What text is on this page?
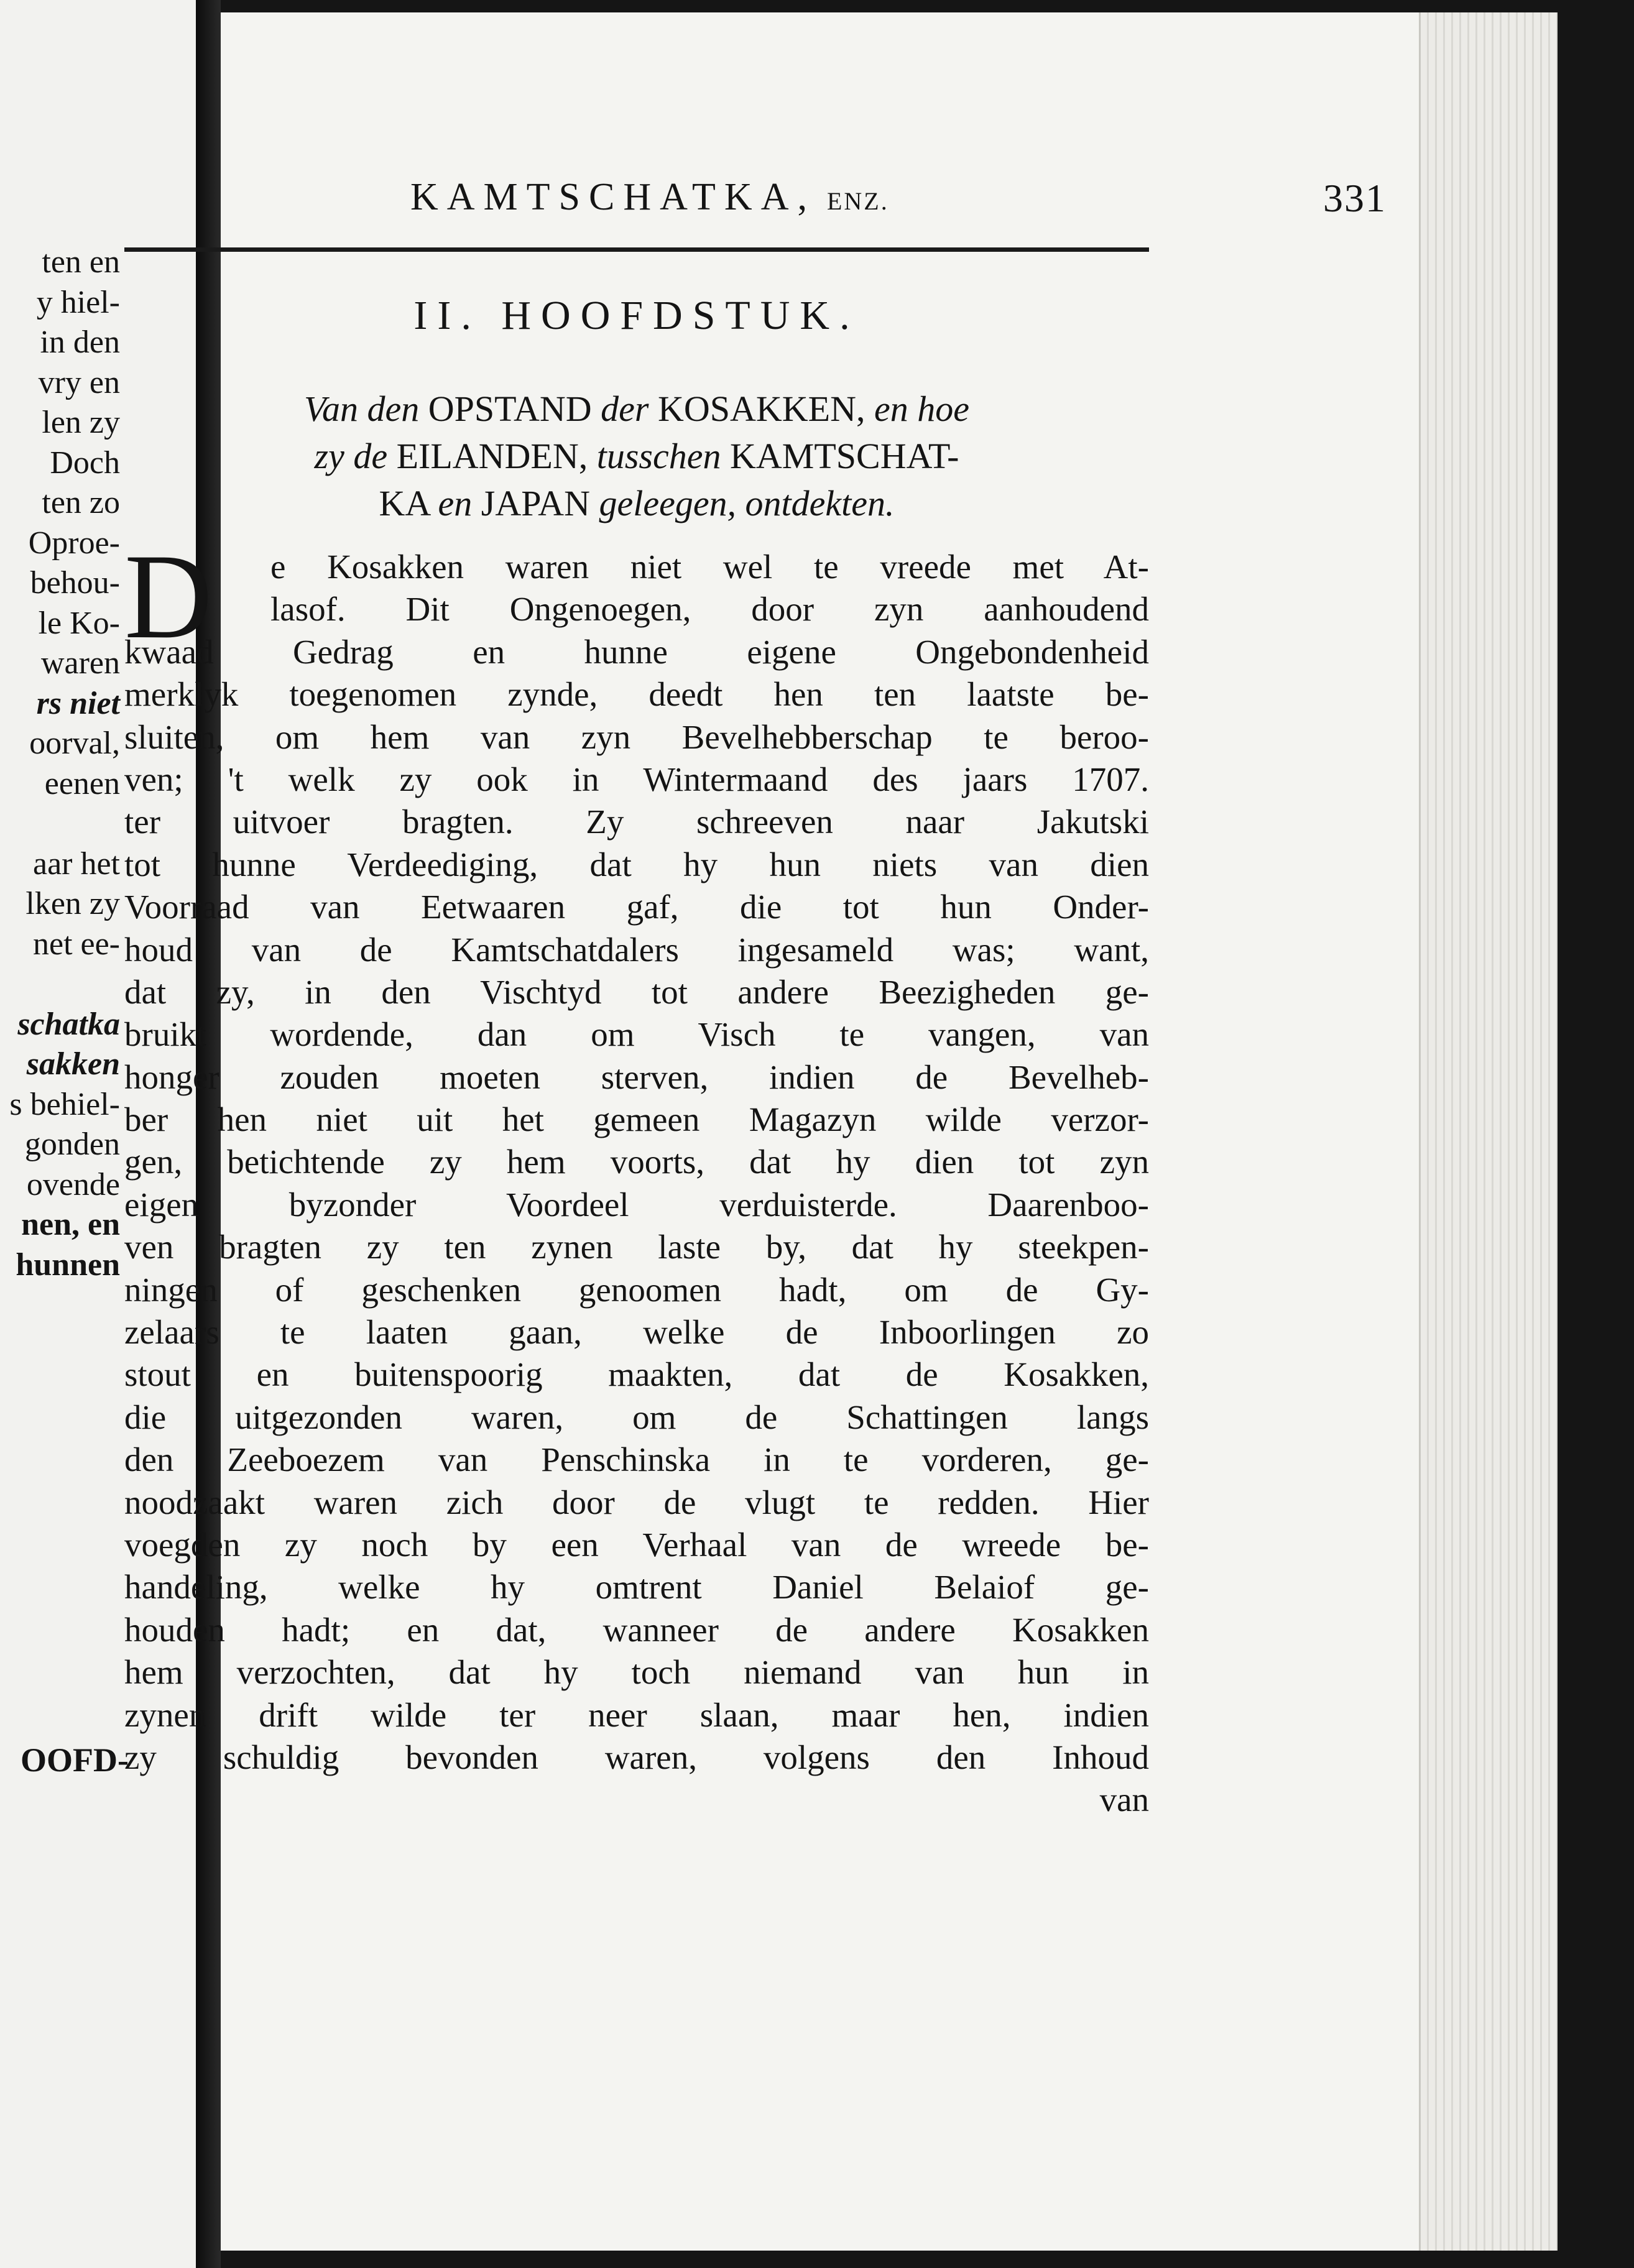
ten en
y hiel-
in den
vry en
len zy
Doch
ten zo
Oproe-
behou-
le Ko-
waren
rs niet
oorval,
eenen

aar het
lken zy
net ee-

schatka
sakken
s behiel-
gonden
ovende
nen, en
hunnen
OOFD-
KAMTSCHATKA, ENZ.	331
II. HOOFDSTUK.
Van den OPSTAND der KOSAKKEN, en hoe
zy de EILANDEN, tusschen KAMTSCHAT-
KA en JAPAN geleegen, ontdekten.
D	e Kosakken waren niet wel te vreede met At-
lasof. Dit Ongenoegen, door zyn aanhoudend
kwaad Gedrag en hunne eigene Ongebondenheid
merklyk toegenomen zynde, deedt hen ten laatste be-
sluiten, om hem van zyn Bevelhebberschap te beroo-
ven; 't welk zy ook in Wintermaand des jaars 1707.
ter uitvoer bragten. Zy schreeven naar Jakutski
tot hunne Verdeediging, dat hy hun niets van dien
Voorraad van Eetwaaren gaf, die tot hun Onder-
houd van de Kamtschatdalers ingesameld was; want,
dat zy, in den Vischtyd tot andere Beezigheden ge-
bruikt wordende, dan om Visch te vangen, van
honger zouden moeten sterven, indien de Bevelheb-
ber hen niet uit het gemeen Magazyn wilde verzor-
gen, betichtende zy hem voorts, dat hy dien tot zyn
eigen byzonder Voordeel verduisterde. Daarenboo-
ven bragten zy ten zynen laste by, dat hy steekpen-
ningen of geschenken genoomen hadt, om de Gy-
zelaars te laaten gaan, welke de Inboorlingen zo
stout en buitenspoorig maakten, dat de Kosakken,
die uitgezonden waren, om de Schattingen langs
den Zeeboezem van Penschinska in te vorderen, ge-
noodzaakt waren zich door de vlugt te redden. Hier
voegden zy noch by een Verhaal van de wreede be-
handeling, welke hy omtrent Daniel Belaiof ge-
houden hadt; en dat, wanneer de andere Kosakken
hem verzochten, dat hy toch niemand van hun in
zynen drift wilde ter neer slaan, maar hen, indien
zy schuldig bevonden waren, volgens den Inhoud
van
